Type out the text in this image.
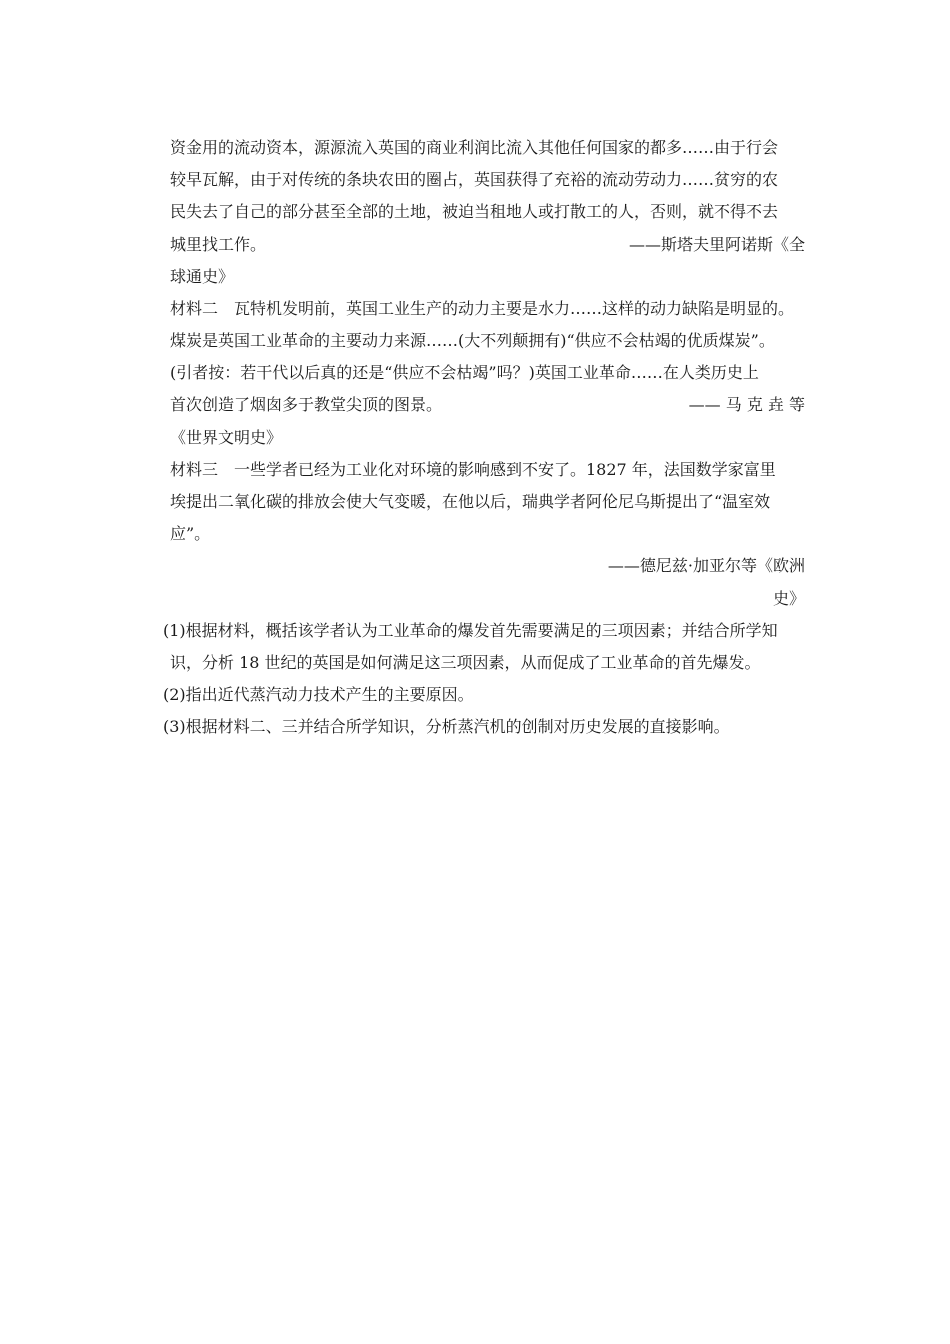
资金用的流动资本，源源流入英国的商业利润比流入其他任何国家的都多……由于行会
较早瓦解，由于对传统的条块农田的圈占，英国获得了充裕的流动劳动力……贫穷的农
民失去了自己的部分甚至全部的土地，被迫当租地人或打散工的人，否则，就不得不去
城里找工作。	——斯塔夫里阿诺斯《全
球通史》
材料二　瓦特机发明前，英国工业生产的动力主要是水力……这样的动力缺陷是明显的。
煤炭是英国工业革命的主要动力来源……(大不列颠拥有)“供应不会枯竭的优质煤炭”。
(引者按：若干代以后真的还是“供应不会枯竭”吗？)英国工业革命……在人类历史上
首次创造了烟囱多于教堂尖顶的图景。	—— 马 克 垚 等
《世界文明史》
材料三　一些学者已经为工业化对环境的影响感到不安了。1827 年，法国数学家富里
埃提出二氧化碳的排放会使大气变暖，在他以后，瑞典学者阿伦尼乌斯提出了“温室效
应”。
——德尼兹·加亚尔等《欧洲
史》
(1)根据材料，概括该学者认为工业革命的爆发首先需要满足的三项因素；并结合所学知
识，分析 18 世纪的英国是如何满足这三项因素，从而促成了工业革命的首先爆发。
(2)指出近代蒸汽动力技术产生的主要原因。
(3)根据材料二、三并结合所学知识，分析蒸汽机的创制对历史发展的直接影响。
